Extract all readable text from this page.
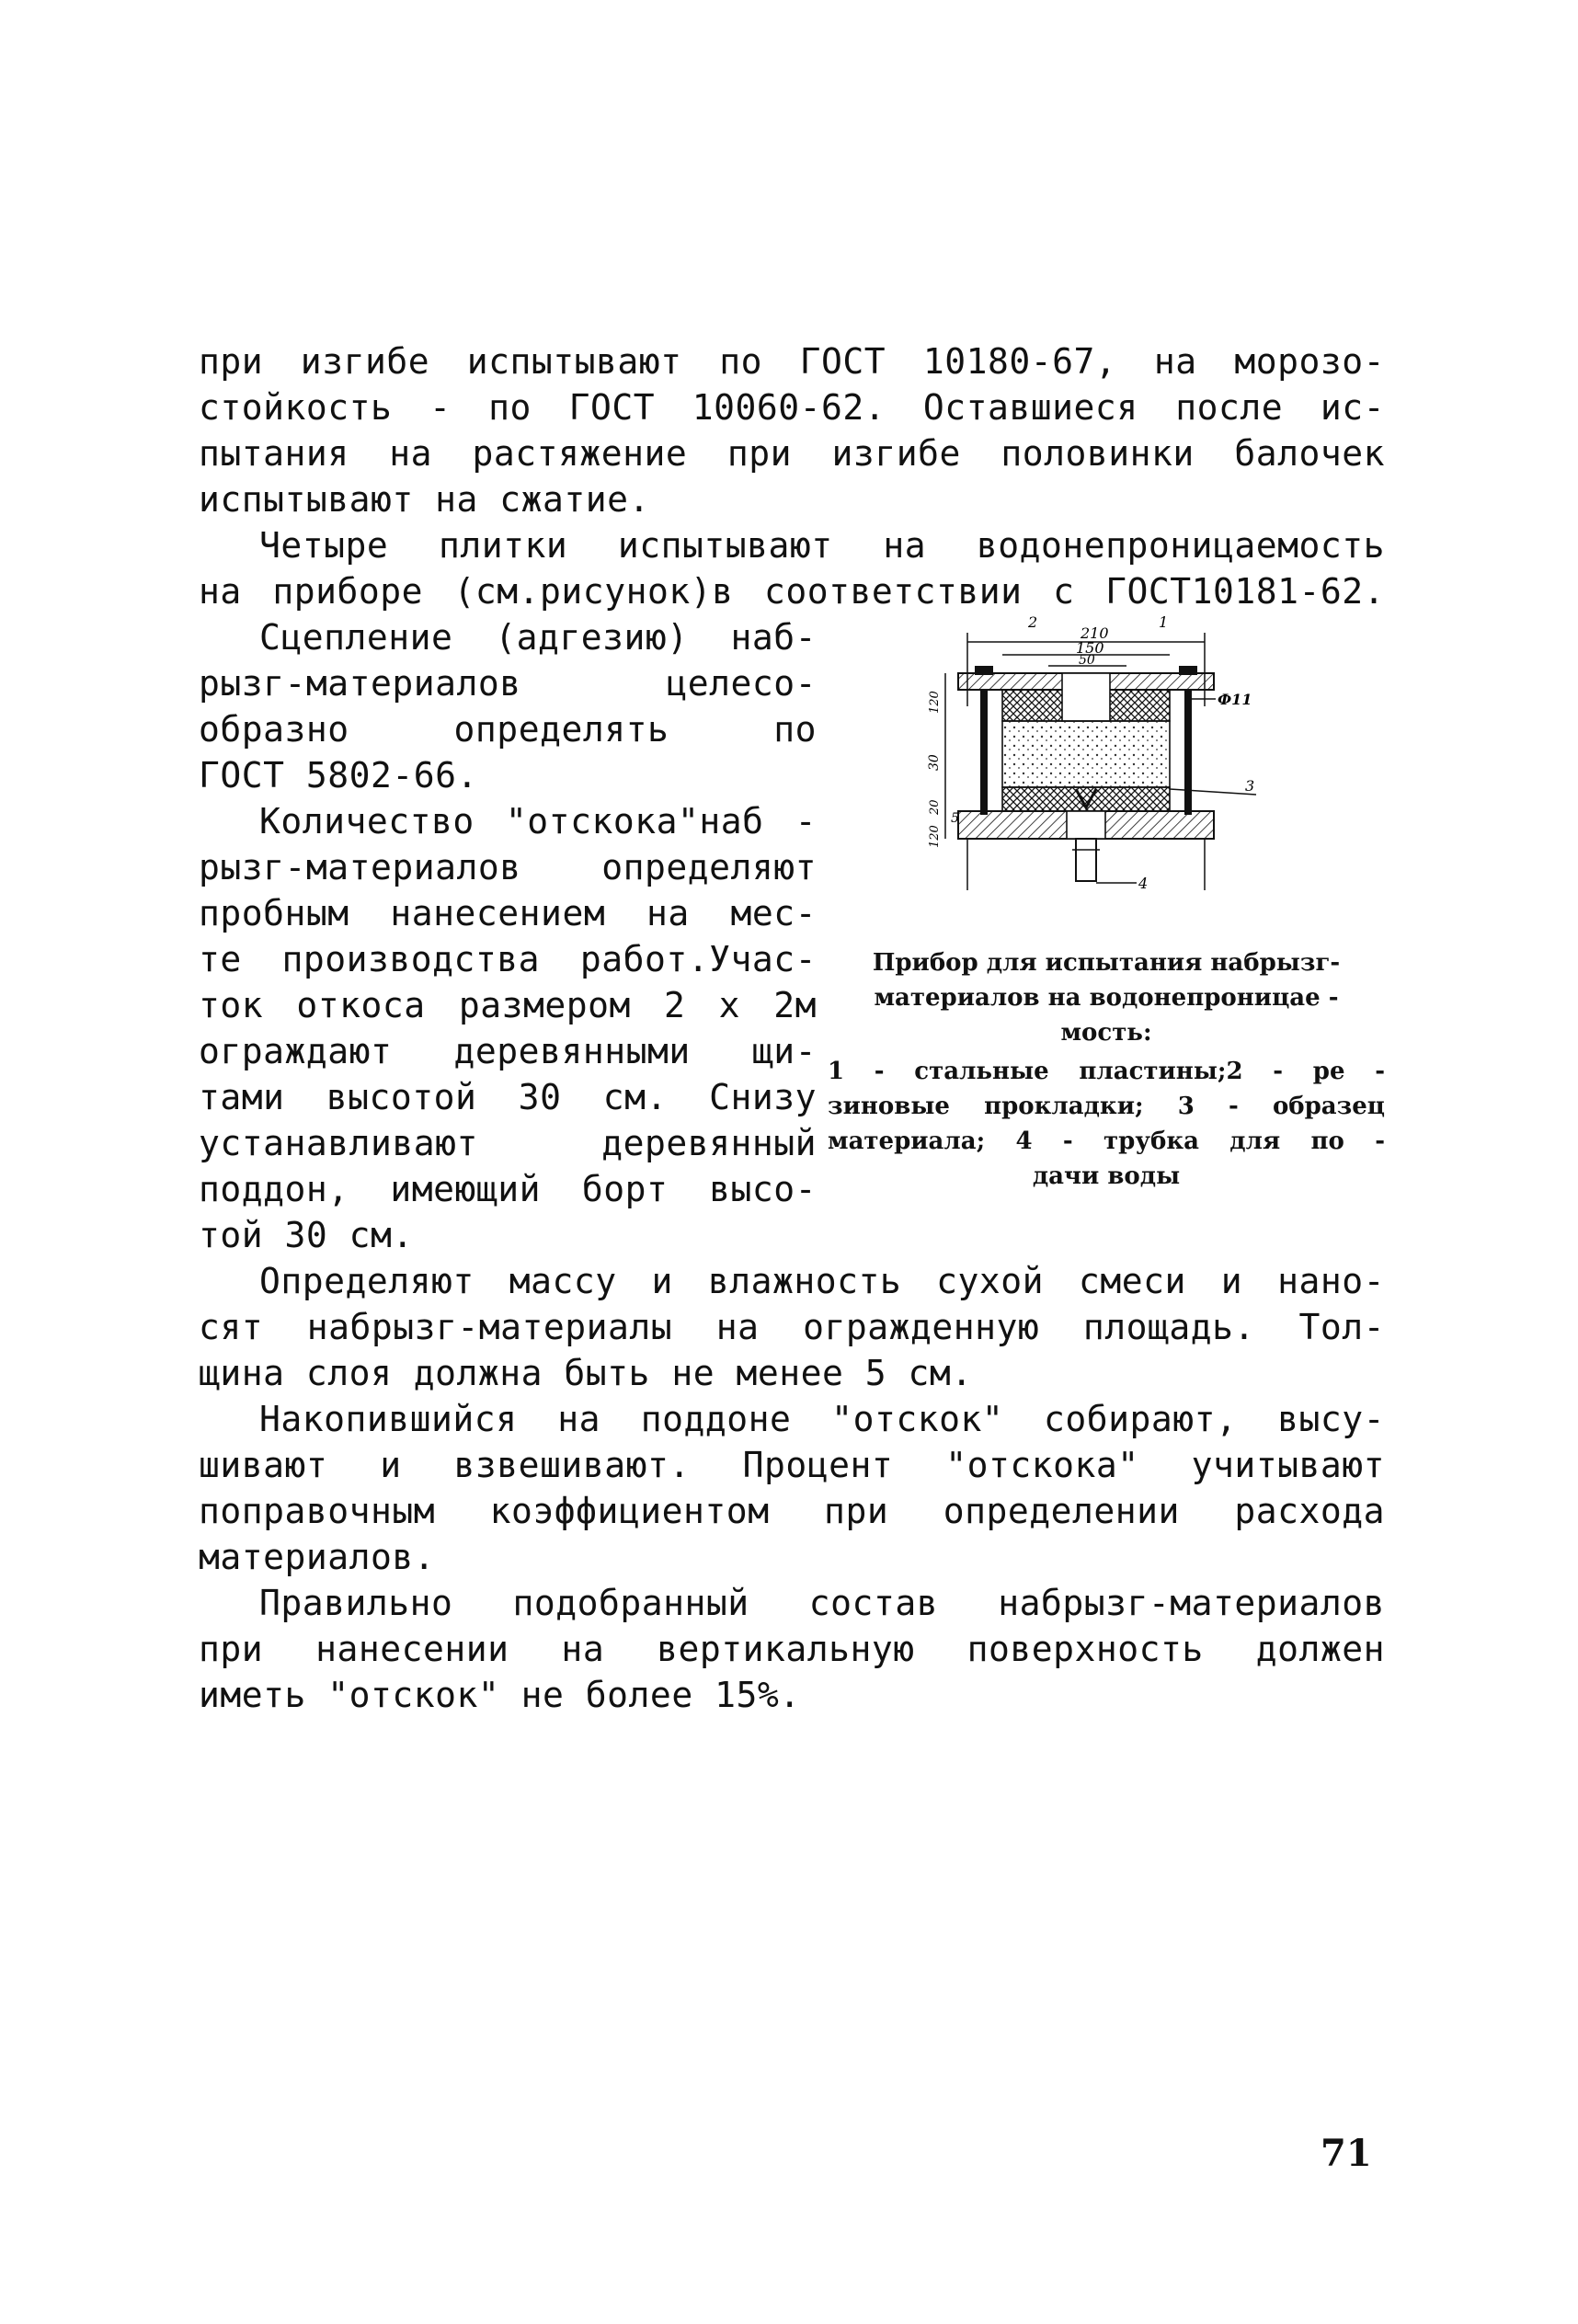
при изгибе испытывают по ГОСТ 10180-67, на морозо-
стойкость - по ГОСТ 10060-62. Оставшиеся после ис-
пытания на растяжение при изгибе половинки балочек
испытывают на сжатие.
Четыре плитки испытывают на водонепроницаемость
на приборе (см.рисунок)в соответствии с ГОСТ10181-62.
Сцепление (адгезию) наб-
рызг-материалов целесо-
образно определять по
ГОСТ 5802-66.
Количество "отскока"наб -
рызг-материалов определяют
пробным нанесением на мес-
те производства работ.Учас-
ток откоса размером 2 х 2м
ограждают деревянными щи-
тами высотой 30 см. Снизу
устанавливают деревянный
поддон, имеющий борт высо-
той 30 см.
Определяют массу и влажность сухой смеси и нано-
сят набрызг-материалы на огражденную площадь. Тол-
щина слоя должна быть не менее 5 см.
Накопившийся на поддоне "отскок" собирают, высу-
шивают и взвешивают. Процент "отскока" учитывают
поправочным коэффициентом при определении расхода
материалов.
Правильно подобранный состав набрызг-материалов
при нанесении на вертикальную поверхность должен
иметь "отскок" не более 15%.
210
150
50
2	1
120
30
20
120
5
Ф11
3
4
Прибор для испытания набрызг-
материалов на водонепроницае -
мость:
1 - стальные пластины;2 - ре -
зиновые прокладки; 3 - образец
материала; 4 - трубка для по -
дачи воды
71
